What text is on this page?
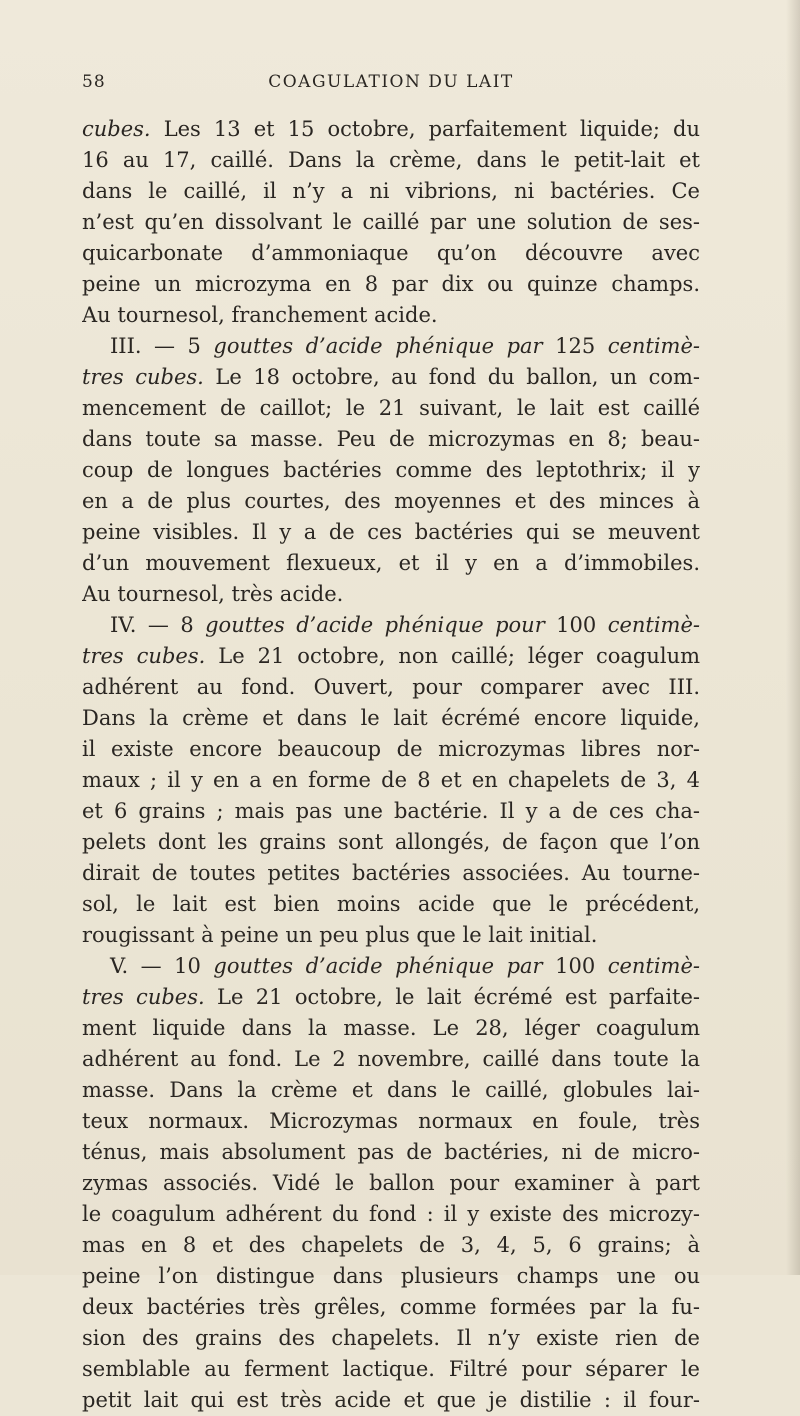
58	COAGULATION DU LAIT
cubes. Les 13 et 15 octobre, parfaitement liquide; du
16 au 17, caillé. Dans la crème, dans le petit-lait et
dans le caillé, il n’y a ni vibrions, ni bactéries. Ce
n’est qu’en dissolvant le caillé par une solution de ses-
quicarbonate d’ammoniaque qu’on découvre avec
peine un microzyma en 8 par dix ou quinze champs.
Au tournesol, franchement acide.
III. — 5 gouttes d’acide phénique par 125 centimè-
tres cubes. Le 18 octobre, au fond du ballon, un com-
mencement de caillot; le 21 suivant, le lait est caillé
dans toute sa masse. Peu de microzymas en 8; beau-
coup de longues bactéries comme des leptothrix; il y
en a de plus courtes, des moyennes et des minces à
peine visibles. Il y a de ces bactéries qui se meuvent
d’un mouvement flexueux, et il y en a d’immobiles.
Au tournesol, très acide.
IV. — 8 gouttes d’acide phénique pour 100 centimè-
tres cubes. Le 21 octobre, non caillé; léger coagulum
adhérent au fond. Ouvert, pour comparer avec III.
Dans la crème et dans le lait écrémé encore liquide,
il existe encore beaucoup de microzymas libres nor-
maux ; il y en a en forme de 8 et en chapelets de 3, 4
et 6 grains ; mais pas une bactérie. Il y a de ces cha-
pelets dont les grains sont allongés, de façon que l’on
dirait de toutes petites bactéries associées. Au tourne-
sol, le lait est bien moins acide que le précédent,
rougissant à peine un peu plus que le lait initial.
V. — 10 gouttes d’acide phénique par 100 centimè-
tres cubes. Le 21 octobre, le lait écrémé est parfaite-
ment liquide dans la masse. Le 28, léger coagulum
adhérent au fond. Le 2 novembre, caillé dans toute la
masse. Dans la crème et dans le caillé, globules lai-
teux normaux. Microzymas normaux en foule, très
ténus, mais absolument pas de bactéries, ni de micro-
zymas associés. Vidé le ballon pour examiner à part
le coagulum adhérent du fond : il y existe des microzy-
mas en 8 et des chapelets de 3, 4, 5, 6 grains; à
peine l’on distingue dans plusieurs champs une ou
deux bactéries très grêles, comme formées par la fu-
sion des grains des chapelets. Il n’y existe rien de
semblable au ferment lactique. Filtré pour séparer le
petit lait qui est très acide et que je distilie : il four-
